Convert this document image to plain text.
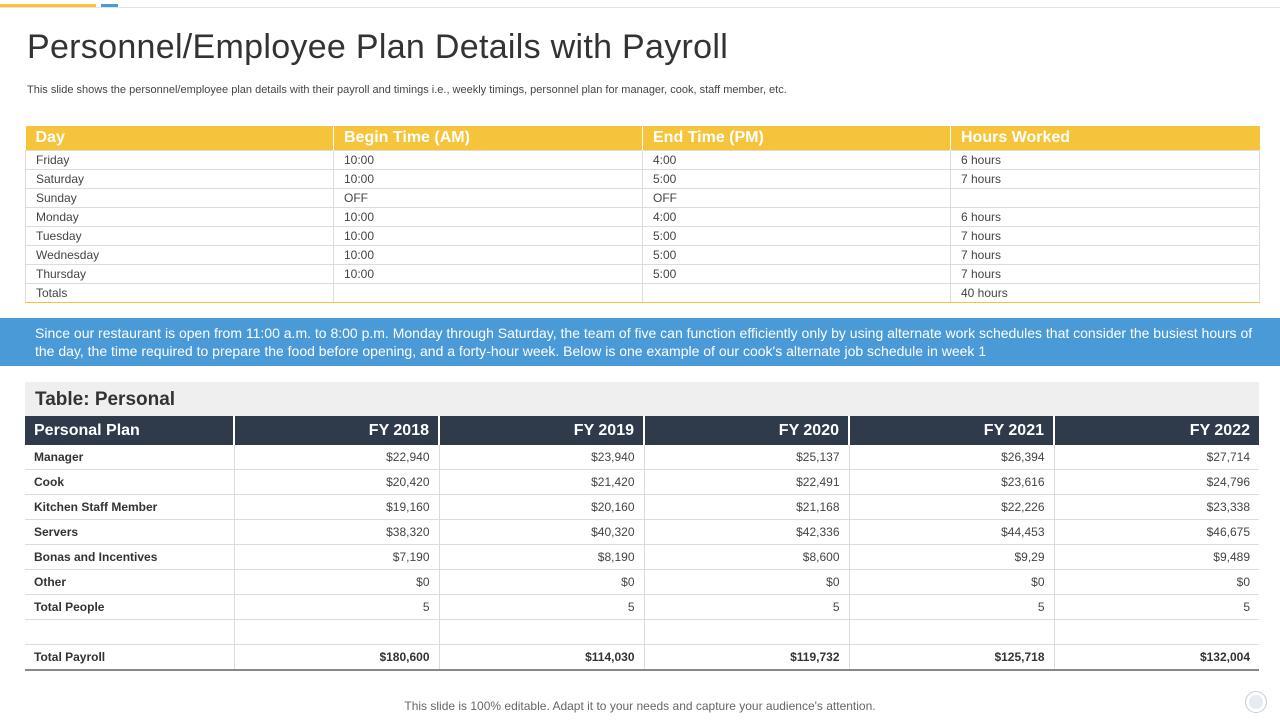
Personnel/Employee Plan Details with Payroll
This slide shows the personnel/employee plan details with their payroll and timings i.e., weekly timings, personnel plan for manager, cook, staff member, etc.
Day	Begin Time (AM)	End Time (PM)	Hours Worked
Friday	10:00	4:00	6 hours
Saturday	10:00	5:00	7 hours
Sunday	OFF	OFF	
Monday	10:00	4:00	6 hours
Tuesday	10:00	5:00	7 hours
Wednesday	10:00	5:00	7 hours
Thursday	10:00	5:00	7 hours
Totals			40 hours
Since our restaurant is open from 11:00 a.m. to 8:00 p.m. Monday through Saturday, the team of five can function efficiently only by using alternate work schedules that consider the busiest hours of the day, the time required to prepare the food before opening, and a forty-hour week. Below is one example of our cook's alternate job schedule in week 1
Table: Personal
Personal Plan	FY 2018	FY 2019	FY 2020	FY 2021	FY 2022
Manager	$22,940	$23,940	$25,137	$26,394	$27,714
Cook	$20,420	$21,420	$22,491	$23,616	$24,796
Kitchen Staff Member	$19,160	$20,160	$21,168	$22,226	$23,338
Servers	$38,320	$40,320	$42,336	$44,453	$46,675
Bonas and Incentives	$7,190	$8,190	$8,600	$9,29	$9,489
Other	$0	$0	$0	$0	$0
Total People	5	5	5	5	5

Total Payroll	$180,600	$114,030	$119,732	$125,718	$132,004
This slide is 100% editable. Adapt it to your needs and capture your audience's attention.
